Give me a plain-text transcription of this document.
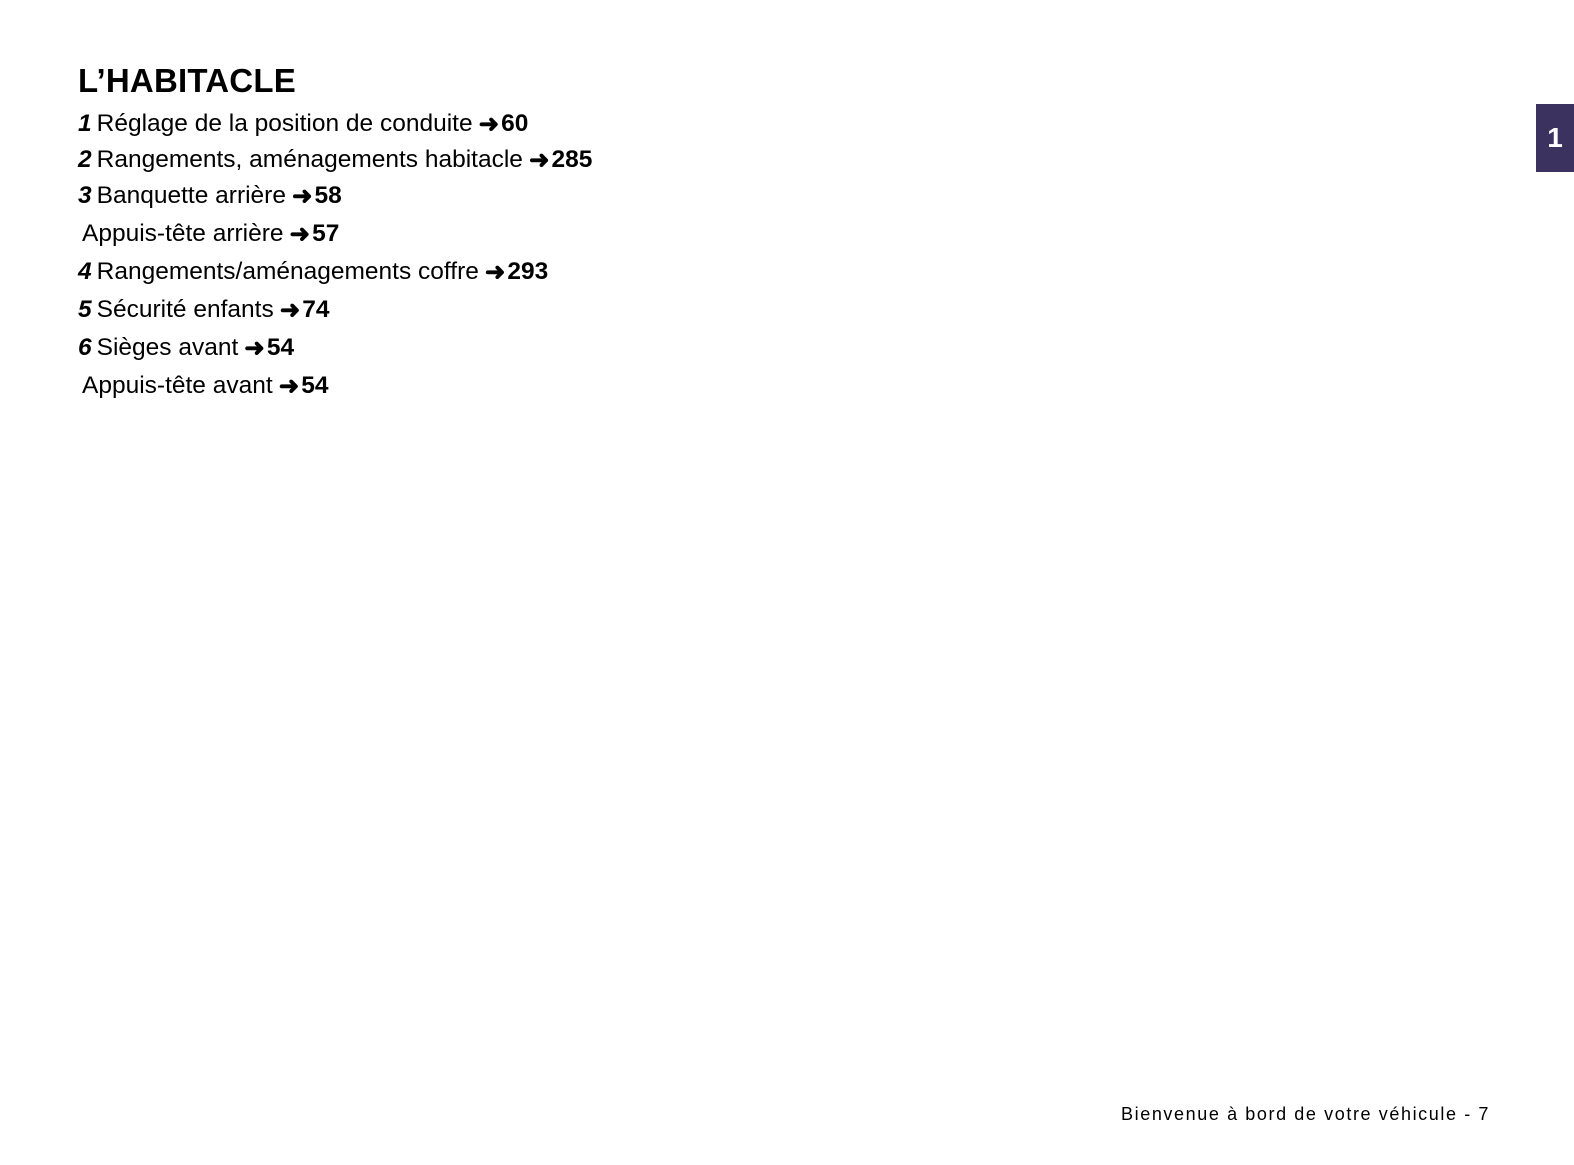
1
L’HABITACLE
1 Réglage de la position de conduite ➜60
2 Rangements, aménagements habitacle ➜285
3 Banquette arrière ➜58
Appuis-tête arrière ➜57
4 Rangements/aménagements coffre ➜293
5 Sécurité enfants ➜74
6 Sièges avant ➜54
Appuis-tête avant ➜54
Bienvenue à bord de votre véhicule - 7
